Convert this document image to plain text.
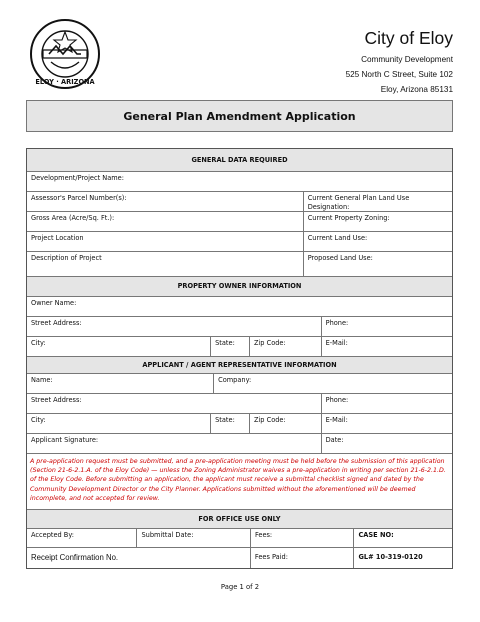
ELOY · ARIZONA
City of Eloy
Community Development
525 North C Street, Suite 102
Eloy, Arizona 85131
General Plan Amendment Application
GENERAL DATA REQUIRED
Development/Project Name:
Assessor's Parcel Number(s):	Current General Plan Land Use Designation:
Gross Area (Acre/Sq. Ft.):	Current Property Zoning:
Project Location	Current Land Use:
Description of Project	Proposed Land Use:
PROPERTY OWNER INFORMATION
Owner Name:
Street Address:	Phone:
City:	State:	Zip Code:	E-Mail:
APPLICANT / AGENT REPRESENTATIVE INFORMATION
Name:	Company:
Street Address:	Phone:
City:	State:	Zip Code:	E-Mail:
Applicant Signature:	Date:
A pre-application request must be submitted, and a pre-application meeting must be held before the submission of this application (Section 21-6-2.1.A. of the Eloy Code) — unless the Zoning Administrator waives a pre-application in writing per section 21-6-2.1.D. of the Eloy Code. Before submitting an application, the applicant must receive a submittal checklist signed and dated by the Community Development Director or the City Planner. Applications submitted without the aforementioned will be deemed incomplete, and not accepted for review.
FOR OFFICE USE ONLY
Accepted By:	Submittal Date:	Fees:	CASE NO:
Receipt Confirmation No.	Fees Paid:	GL# 10-319-0120
Page 1 of 2
